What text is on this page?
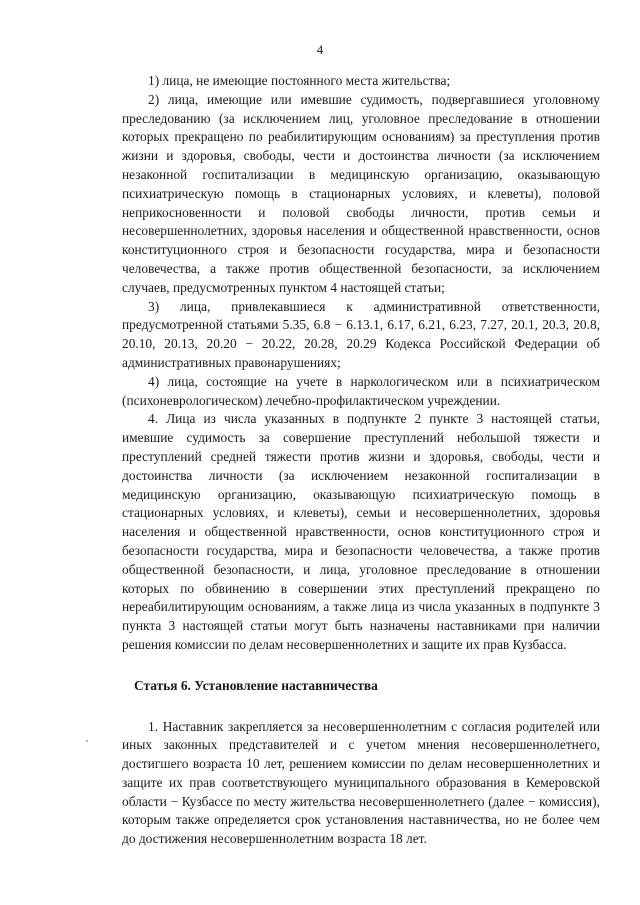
4

1) лица, не имеющие постоянного места жительства;

2) лица, имеющие или имевшие судимость, подвергавшиеся уголовному преследованию (за исключением лиц, уголовное преследование в отношении которых прекращено по реабилитирующим основаниям) за преступления против жизни и здоровья, свободы, чести и достоинства личности (за исключением незаконной госпитализации в медицинскую организацию, оказывающую психиатрическую помощь в стационарных условиях, и клеветы), половой неприкосновенности и половой свободы личности, против семьи и несовершеннолетних, здоровья населения и общественной нравственности, основ конституционного строя и безопасности государства, мира и безопасности человечества, а также против общественной безопасности, за исключением случаев, предусмотренных пунктом 4 настоящей статьи;

3) лица, привлекавшиеся к административной ответственности, предусмотренной статьями 5.35, 6.8 − 6.13.1, 6.17, 6.21, 6.23, 7.27, 20.1, 20.3, 20.8, 20.10, 20.13, 20.20 − 20.22, 20.28, 20.29 Кодекса Российской Федерации об административных правонарушениях;

4) лица, состоящие на учете в наркологическом или в психиатрическом (психоневрологическом) лечебно-профилактическом учреждении.

4. Лица из числа указанных в подпункте 2 пункте 3 настоящей статьи, имевшие судимость за совершение преступлений небольшой тяжести и преступлений средней тяжести против жизни и здоровья, свободы, чести и достоинства личности (за исключением незаконной госпитализации в медицинскую организацию, оказывающую психиатрическую помощь в стационарных условиях, и клеветы), семьи и несовершеннолетних, здоровья населения и общественной нравственности, основ конституционного строя и безопасности государства, мира и безопасности человечества, а также против общественной безопасности, и лица, уголовное преследование в отношении которых по обвинению в совершении этих преступлений прекращено по нереабилитирующим основаниям, а также лица из числа указанных в подпункте 3 пункта 3 настоящей статьи могут быть назначены наставниками при наличии решения комиссии по делам несовершеннолетних и защите их прав Кузбасса.

Статья 6. Установление наставничества

1. Наставник закрепляется за несовершеннолетним с согласия родителей или иных законных представителей и с учетом мнения несовершеннолетнего, достигшего возраста 10 лет, решением комиссии по делам несовершеннолетних и защите их прав соответствующего муниципального образования в Кемеровской области − Кузбассе по месту жительства несовершеннолетнего (далее − комиссия), которым также определяется срок установления наставничества, но не более чем до достижения несовершеннолетним возраста 18 лет.
